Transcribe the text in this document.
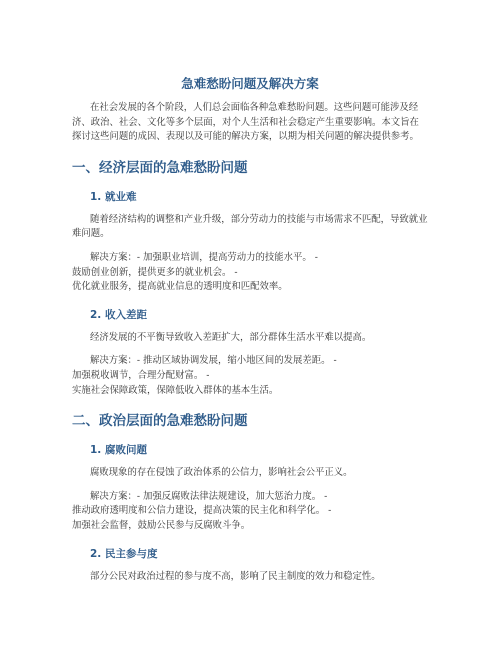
急难愁盼问题及解决方案

在社会发展的各个阶段，人们总会面临各种急难愁盼问题。这些问题可能涉及经济、政治、社会、文化等多个层面，对个人生活和社会稳定产生重要影响。本文旨在探讨这些问题的成因、表现以及可能的解决方案，以期为相关问题的解决提供参考。

一、经济层面的急难愁盼问题
1. 就业难

随着经济结构的调整和产业升级，部分劳动力的技能与市场需求不匹配，导致就业难问题。

解决方案：- 加强职业培训，提高劳动力的技能水平。 -
鼓励创业创新，提供更多的就业机会。 -
优化就业服务，提高就业信息的透明度和匹配效率。
2. 收入差距

经济发展的不平衡导致收入差距扩大，部分群体生活水平难以提高。

解决方案：- 推动区域协调发展，缩小地区间的发展差距。 -
加强税收调节，合理分配财富。 -
实施社会保障政策，保障低收入群体的基本生活。
二、政治层面的急难愁盼问题
1. 腐败问题

腐败现象的存在侵蚀了政治体系的公信力，影响社会公平正义。

解决方案：- 加强反腐败法律法规建设，加大惩治力度。 -
推动政府透明度和公信力建设，提高决策的民主化和科学化。 -
加强社会监督，鼓励公民参与反腐败斗争。
2. 民主参与度

部分公民对政治过程的参与度不高，影响了民主制度的效力和稳定性。
